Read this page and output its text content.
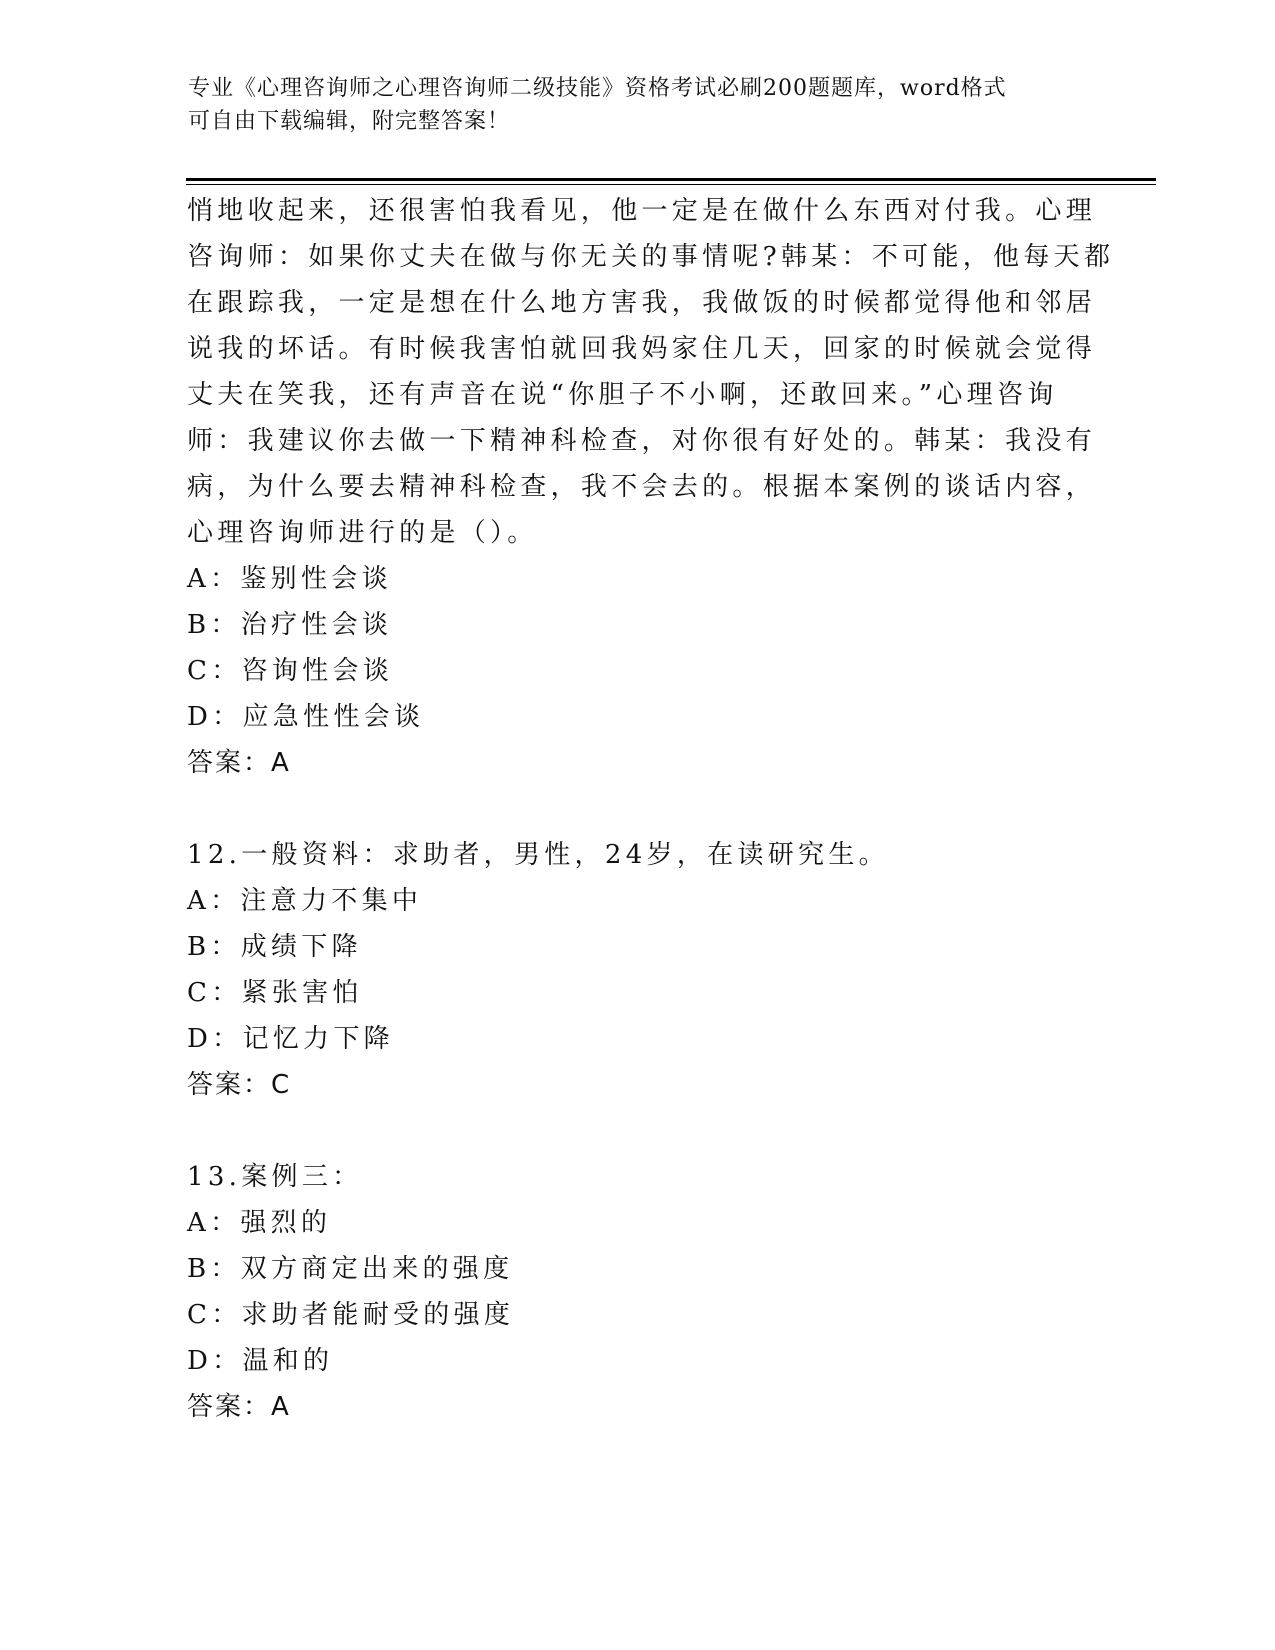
专业《心理咨询师之心理咨询师二级技能》资格考试必刷200题题库，word格式
可自由下载编辑，附完整答案！
悄地收起来，还很害怕我看见，他一定是在做什么东西对付我。心理
咨询师：如果你丈夫在做与你无关的事情呢?韩某：不可能，他每天都
在跟踪我，一定是想在什么地方害我，我做饭的时候都觉得他和邻居
说我的坏话。有时候我害怕就回我妈家住几天，回家的时候就会觉得
丈夫在笑我，还有声音在说“你胆子不小啊，还敢回来。”心理咨询
师：我建议你去做一下精神科检查，对你很有好处的。韩某：我没有
病，为什么要去精神科检查，我不会去的。根据本案例的谈话内容，
心理咨询师进行的是（）。
A：鉴别性会谈
B：治疗性会谈
C：咨询性会谈
D：应急性性会谈
答案：A
12.一般资料：求助者，男性，24岁，在读研究生。
A：注意力不集中
B：成绩下降
C：紧张害怕
D：记忆力下降
答案：C
13.案例三：
A：强烈的
B：双方商定出来的强度
C：求助者能耐受的强度
D：温和的
答案：A
